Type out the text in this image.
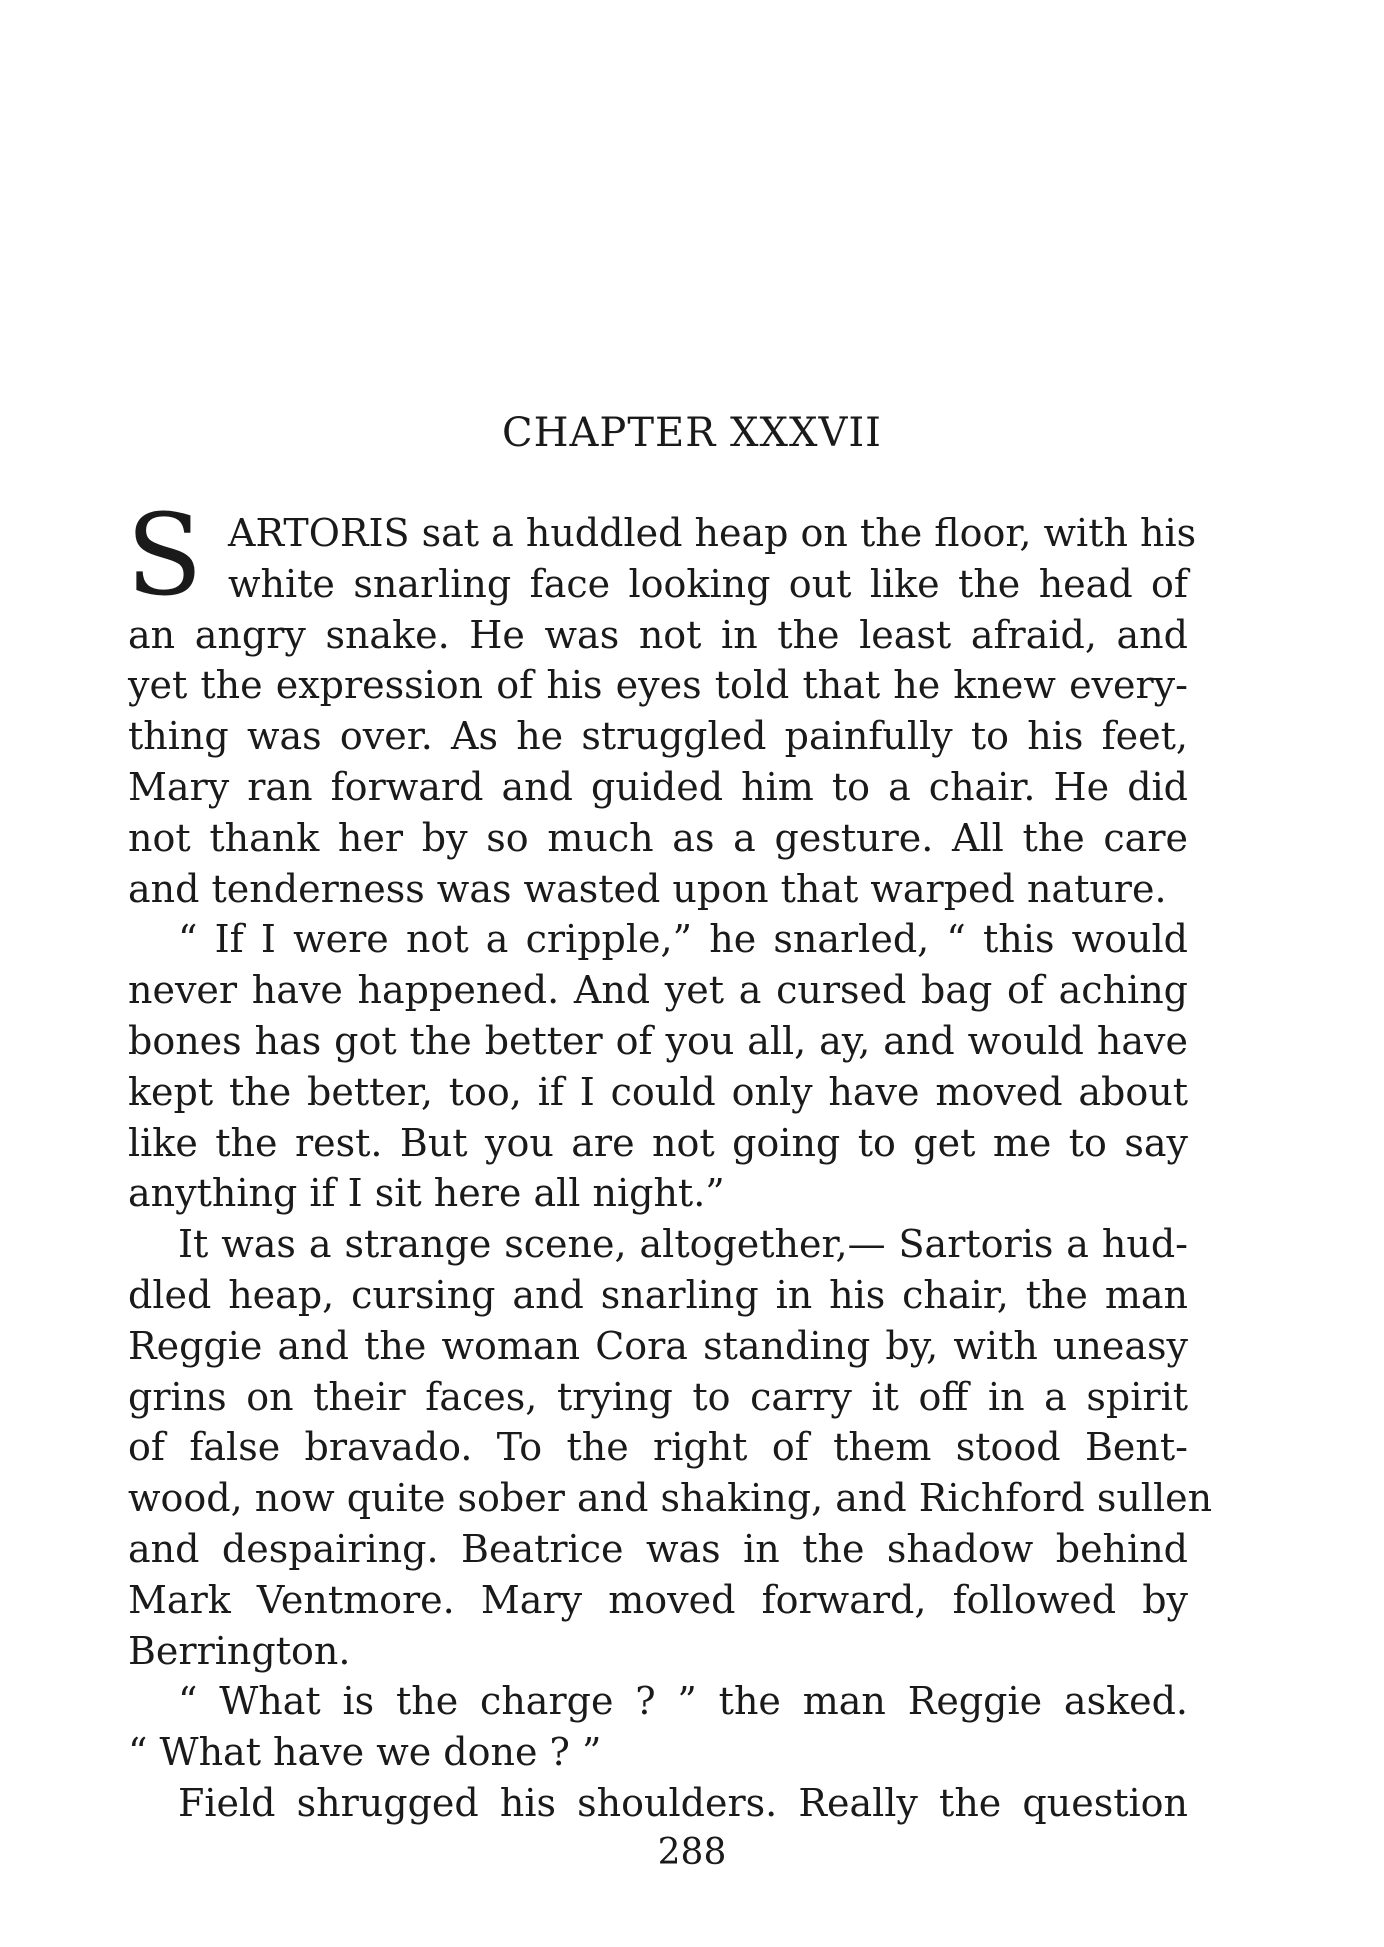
CHAPTER XXXVII
S ARTORIS sat a huddled heap on the floor, with his
white snarling face looking out like the head of
an angry snake. He was not in the least afraid, and
yet the expression of his eyes told that he knew every-
thing was over. As he struggled painfully to his feet,
Mary ran forward and guided him to a chair. He did
not thank her by so much as a gesture. All the care
and tenderness was wasted upon that warped nature.
“ If I were not a cripple,” he snarled, “ this would
never have happened. And yet a cursed bag of aching
bones has got the better of you all, ay, and would have
kept the better, too, if I could only have moved about
like the rest. But you are not going to get me to say
anything if I sit here all night.”
It was a strange scene, altogether,— Sartoris a hud-
dled heap, cursing and snarling in his chair, the man
Reggie and the woman Cora standing by, with uneasy
grins on their faces, trying to carry it off in a spirit
of false bravado. To the right of them stood Bent-
wood, now quite sober and shaking, and Richford sullen
and despairing. Beatrice was in the shadow behind
Mark Ventmore. Mary moved forward, followed by
Berrington.
“ What is the charge ? ” the man Reggie asked.
“ What have we done ? ”
Field shrugged his shoulders. Really the question
288
